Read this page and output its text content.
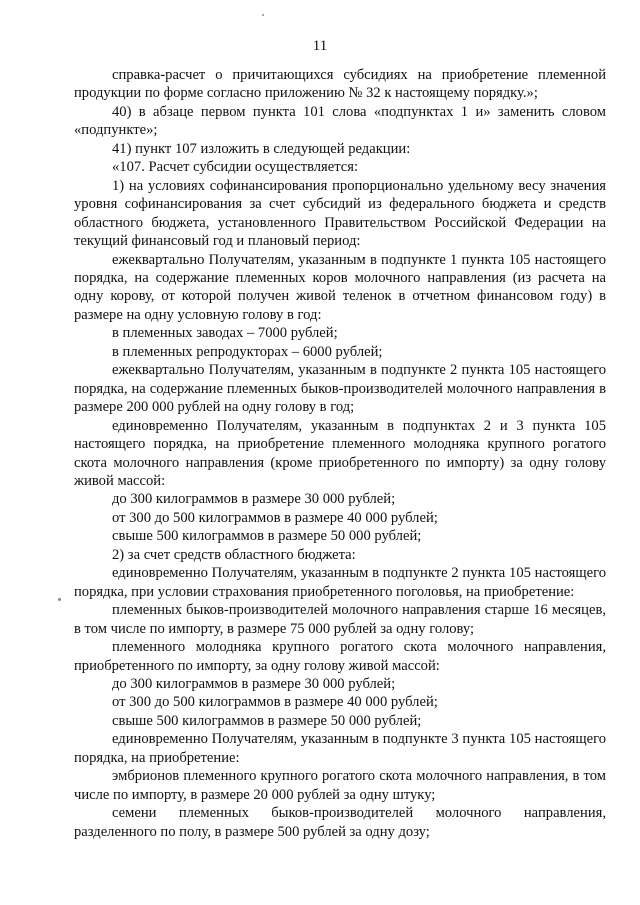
11

справка-расчет о причитающихся субсидиях на приобретение племенной продукции по форме согласно приложению № 32 к настоящему порядку.»;

40) в абзаце первом пункта 101 слова «подпунктах 1 и» заменить словом «подпункте»;

41) пункт 107 изложить в следующей редакции:

«107. Расчет субсидии осуществляется:

1) на условиях софинансирования пропорционально удельному весу значения уровня софинансирования за счет субсидий из федерального бюджета и средств областного бюджета, установленного Правительством Российской Федерации на текущий финансовый год и плановый период:

ежеквартально Получателям, указанным в подпункте 1 пункта 105 настоящего порядка, на содержание племенных коров молочного направления (из расчета на одну корову, от которой получен живой теленок в отчетном финансовом году) в размере на одну условную голову в год:

в племенных заводах – 7000 рублей;

в племенных репродукторах – 6000 рублей;

ежеквартально Получателям, указанным в подпункте 2 пункта 105 настоящего порядка, на содержание племенных быков-производителей молочного направления в размере 200 000 рублей на одну голову в год;

единовременно Получателям, указанным в подпунктах 2 и 3 пункта 105 настоящего порядка, на приобретение племенного молодняка крупного рогатого скота молочного направления (кроме приобретенного по импорту) за одну голову живой массой:

до 300 килограммов в размере 30 000 рублей;

от 300 до 500 килограммов в размере 40 000 рублей;

свыше 500 килограммов в размере 50 000 рублей;

2) за счет средств областного бюджета:

единовременно Получателям, указанным в подпункте 2 пункта 105 настоящего порядка, при условии страхования приобретенного поголовья, на приобретение:

племенных быков-производителей молочного направления старше 16 месяцев, в том числе по импорту, в размере 75 000 рублей за одну голову;

племенного молодняка крупного рогатого скота молочного направления, приобретенного по импорту, за одну голову живой массой:

до 300 килограммов в размере 30 000 рублей;

от 300 до 500 килограммов в размере 40 000 рублей;

свыше 500 килограммов в размере 50 000 рублей;

единовременно Получателям, указанным в подпункте 3 пункта 105 настоящего порядка, на приобретение:

эмбрионов племенного крупного рогатого скота молочного направления, в том числе по импорту, в размере 20 000 рублей за одну штуку;

семени племенных быков-производителей молочного направления, разделенного по полу, в размере 500 рублей за одну дозу;
